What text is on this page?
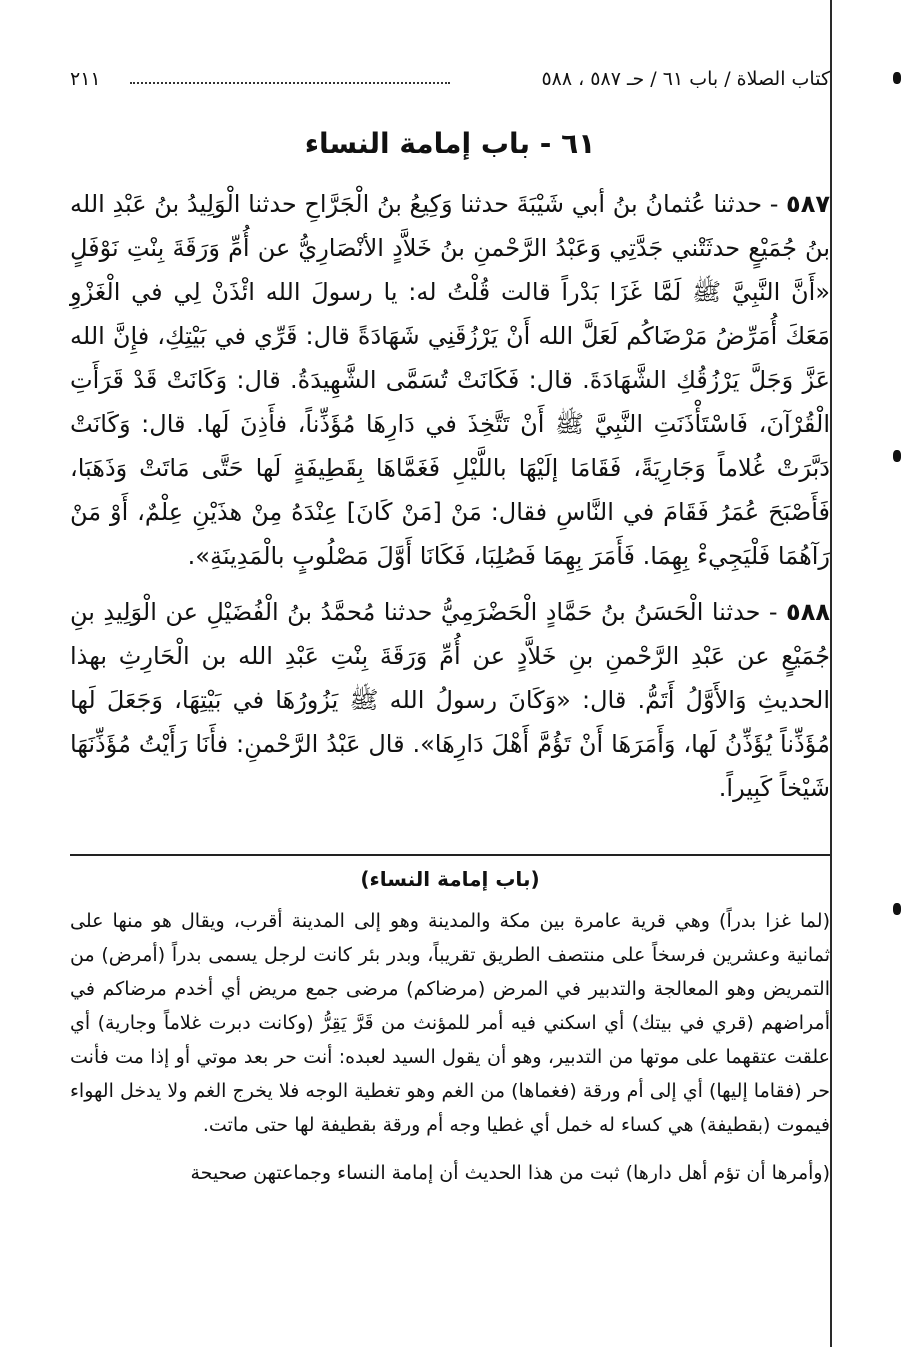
كتاب الصلاة / باب ٦١ / حـ ٥٨٧ ، ٥٨٨
٢١١
٦١ - باب إمامة النساء

٥٨٧ - حدثنا عُثمانُ بنُ أبي شَيْبَةَ حدثنا وَكِيعُ بنُ الْجَرَّاحِ حدثنا الْوَلِيدُ بنُ عَبْدِ الله بنُ جُمَيْعٍ حدثَتْني جَدَّتِي وَعَبْدُ الرَّحْمنِ بنُ خَلاَّدٍ الأنْصَارِيُّ عن أُمِّ وَرَقَةَ بِنْتِ نَوْفَلٍ «أَنَّ النَّبِيَّ ﷺ لَمَّا غَزَا بَدْراً قالت قُلْتُ له: يا رسولَ الله ائْذَنْ لِي في الْغَزْوِ مَعَكَ أُمَرِّضُ مَرْضَاكُم لَعَلَّ الله أَنْ يَرْزُقَنِي شَهَادَةً قال: قَرِّي في بَيْتِكِ، فإِنَّ الله عَزَّ وَجَلَّ يَرْزُقُكِ الشَّهَادَةَ. قال: فَكَانَتْ تُسَمَّى الشَّهِيدَةُ. قال: وَكَانَتْ قَدْ قَرَأَتِ الْقُرْآنَ، فَاسْتَأْذَنَتِ النَّبِيَّ ﷺ أَنْ تَتَّخِذَ في دَارِهَا مُؤَذِّناً، فأَذِنَ لَها. قال: وَكَانَتْ دَبَّرَتْ غُلاماً وَجَارِيَةً، فَقَامَا إلَيْهَا باللَّيْلِ فَغَمَّاهَا بِقَطِيفَةٍ لَها حَتَّى مَاتَتْ وَذَهَبَا، فَأَصْبَحَ عُمَرُ فَقَامَ في النَّاسِ فقال: مَنْ [مَنْ كَانَ] عِنْدَهُ مِنْ هذَيْنِ عِلْمٌ، أَوْ مَنْ رَآهُمَا فَلْيَجِيءْ بِهِمَا. فَأَمَرَ بِهِمَا فَصُلِبَا، فَكَانَا أَوَّلَ مَصْلُوبٍ بالْمَدِينَةِ».

٥٨٨ - حدثنا الْحَسَنُ بنُ حَمَّادٍ الْحَضْرَمِيُّ حدثنا مُحمَّدُ بنُ الْفُضَيْلِ عن الْوَلِيدِ بنِ جُمَيْعٍ عن عَبْدِ الرَّحْمنِ بنِ خَلاَّدٍ عن أُمِّ وَرَقَةَ بِنْتِ عَبْدِ الله بن الْحَارِثِ بهذا الحديثِ وَالأَوَّلُ أَتَمُّ. قال: «وَكَانَ رسولُ الله ﷺ يَزُورُهَا في بَيْتِهَا، وَجَعَلَ لَها مُؤَذِّناً يُؤَذِّنُ لَها، وَأَمَرَهَا أَنْ تَؤُمَّ أَهْلَ دَارِهَا». قال عَبْدُ الرَّحْمنِ: فأَنَا رَأَيْتُ مُؤَذِّنَهَا شَيْخاً كَبِيراً.

(باب إمامة النساء)

(لما غزا بدراً) وهي قرية عامرة بين مكة والمدينة وهو إلى المدينة أقرب، ويقال هو منها على ثمانية وعشرين فرسخاً على منتصف الطريق تقريباً، وبدر بئر كانت لرجل يسمى بدراً (أمرض) من التمريض وهو المعالجة والتدبير في المرض (مرضاكم) مرضى جمع مريض أي أخدم مرضاكم في أمراضهم (قري في بيتك) أي اسكني فيه أمر للمؤنث من قَرَّ يَقِرُّ (وكانت دبرت غلاماً وجارية) أي علقت عتقهما على موتها من التدبير، وهو أن يقول السيد لعبده: أنت حر بعد موتي أو إذا مت فأنت حر (فقاما إليها) أي إلى أم ورقة (فغماها) من الغم وهو تغطية الوجه فلا يخرج الغم ولا يدخل الهواء فيموت (بقطيفة) هي كساء له خمل أي غطيا وجه أم ورقة بقطيفة لها حتى ماتت.

(وأمرها أن تؤم أهل دارها) ثبت من هذا الحديث أن إمامة النساء وجماعتهن صحيحة
